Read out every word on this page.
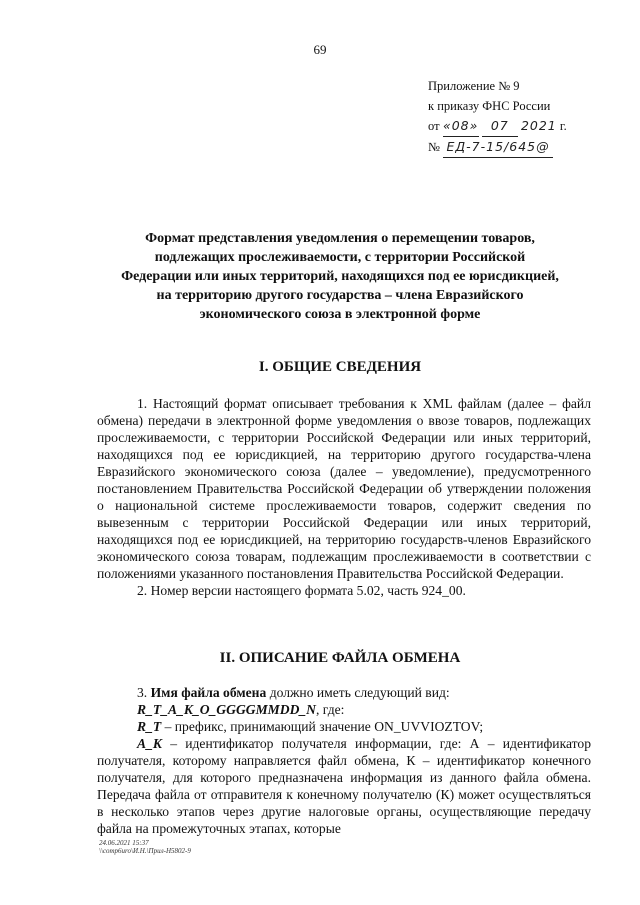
69
Приложение № 9
к приказу ФНС России
от «08» 07 2021 г.
№ ЕД-7-15/645@
Формат представления уведомления о перемещении товаров, подлежащих прослеживаемости, с территории Российской Федерации или иных территорий, находящихся под ее юрисдикцией, на территорию другого государства – члена Евразийского экономического союза в электронной форме
I. ОБЩИЕ СВЕДЕНИЯ

1. Настоящий формат описывает требования к XML файлам (далее – файл обмена) передачи в электронной форме уведомления о ввозе товаров, подлежащих прослеживаемости, с территории Российской Федерации или иных территорий, находящихся под ее юрисдикцией, на территорию другого государства-члена Евразийского экономического союза (далее – уведомление), предусмотренного постановлением Правительства Российской Федерации об утверждении положения о национальной системе прослеживаемости товаров, содержит сведения по вывезенным с территории Российской Федерации или иных территорий, находящихся под ее юрисдикцией, на территорию государств-членов Евразийского экономического союза товарам, подлежащим прослеживаемости в соответствии с положениями указанного постановления Правительства Российской Федерации.

2. Номер версии настоящего формата 5.02, часть 924_00.

II. ОПИСАНИЕ ФАЙЛА ОБМЕНА

3. Имя файла обмена должно иметь следующий вид:

R_T_A_K_O_GGGGMMDD_N, где:

R_T – префикс, принимающий значение ON_UVVIOZTOV;

A_K – идентификатор получателя информации, где: А – идентификатор получателя, которому направляется файл обмена, К – идентификатор конечного получателя, для которого предназначена информация из данного файла обмена. Передача файла от отправителя к конечному получателю (К) может осуществляться в несколько этапов через другие налоговые органы, осуществляющие передачу файла на промежуточных этапах, которые

24.06.2021 15:37
\\comp6uro\И.Н.\Прил-Н5802-9
